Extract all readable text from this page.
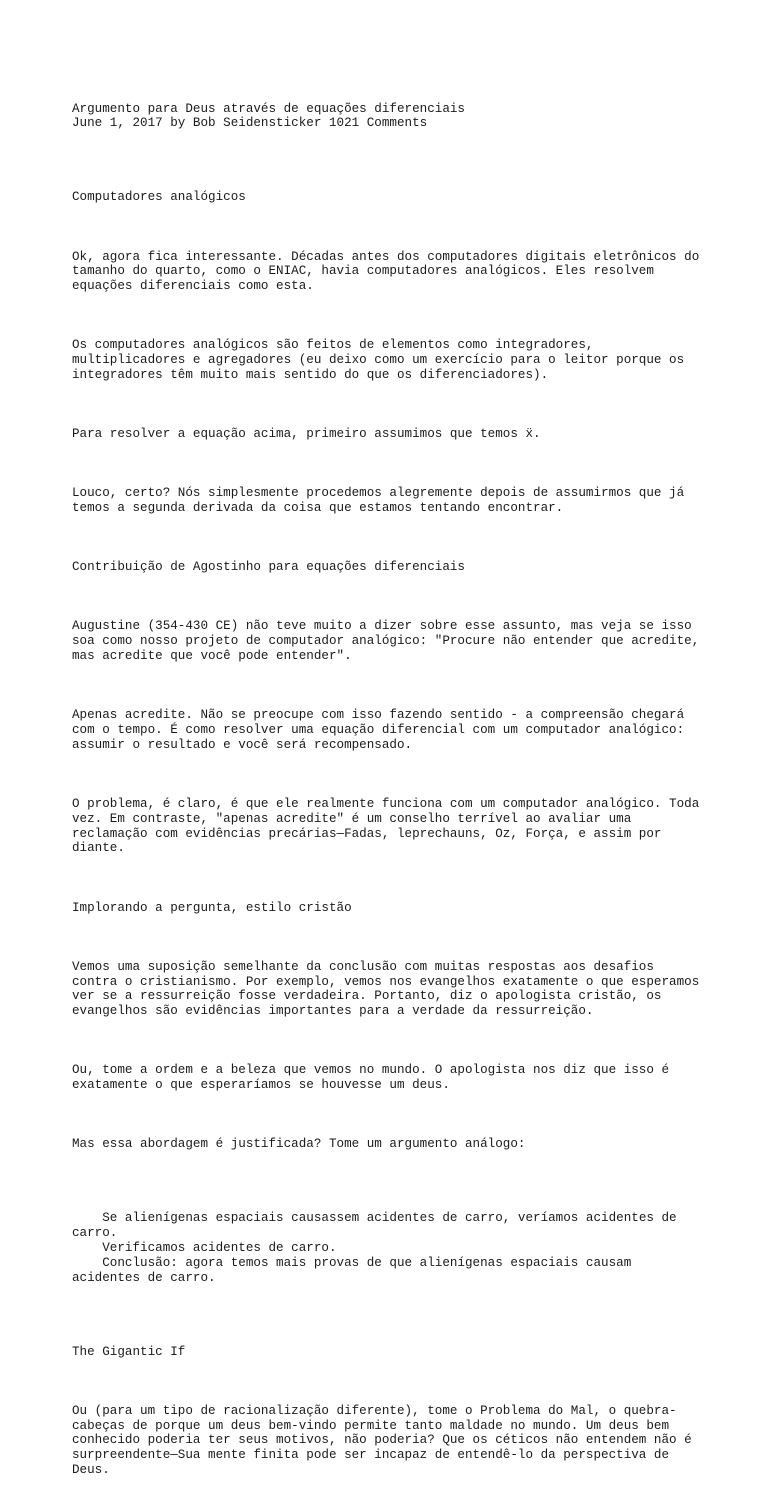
Argumento para Deus através de equações diferenciais
June 1, 2017 by Bob Seidensticker 1021 Comments

Computadores analógicos

Ok, agora fica interessante. Décadas antes dos computadores digitais eletrônicos do tamanho do quarto, como o ENIAC, havia computadores analógicos. Eles resolvem equações diferenciais como esta.

Os computadores analógicos são feitos de elementos como integradores, multiplicadores e agregadores (eu deixo como um exercício para o leitor porque os integradores têm muito mais sentido do que os diferenciadores).

Para resolver a equação acima, primeiro assumimos que temos ẍ.

Louco, certo? Nós simplesmente procedemos alegremente depois de assumirmos que já temos a segunda derivada da coisa que estamos tentando encontrar.

Contribuição de Agostinho para equações diferenciais

Augustine (354-430 CE) não teve muito a dizer sobre esse assunto, mas veja se isso soa como nosso projeto de computador analógico: "Procure não entender que acredite, mas acredite que você pode entender".

Apenas acredite. Não se preocupe com isso fazendo sentido - a compreensão chegará com o tempo. É como resolver uma equação diferencial com um computador analógico: assumir o resultado e você será recompensado.

O problema, é claro, é que ele realmente funciona com um computador analógico. Toda vez. Em contraste, "apenas acredite" é um conselho terrível ao avaliar uma reclamação com evidências precárias—Fadas, leprechauns, Oz, Força, e assim por diante.

Implorando a pergunta, estilo cristão

Vemos uma suposição semelhante da conclusão com muitas respostas aos desafios contra o cristianismo. Por exemplo, vemos nos evangelhos exatamente o que esperamos ver se a ressurreição fosse verdadeira. Portanto, diz o apologista cristão, os evangelhos são evidências importantes para a verdade da ressurreição.

Ou, tome a ordem e a beleza que vemos no mundo. O apologista nos diz que isso é exatamente o que esperaríamos se houvesse um deus.

Mas essa abordagem é justificada? Tome um argumento análogo:

Se alienígenas espaciais causassem acidentes de carro, veríamos acidentes de carro.
Verificamos acidentes de carro.
Conclusão: agora temos mais provas de que alienígenas espaciais causam acidentes de carro.

The Gigantic If

Ou (para um tipo de racionalização diferente), tome o Problema do Mal, o quebra-cabeças de porque um deus bem-vindo permite tanto maldade no mundo. Um deus bem conhecido poderia ter seus motivos, não poderia? Que os céticos não entendem não é surpreendente—Sua mente finita pode ser incapaz de entendê-lo da perspectiva de Deus.
